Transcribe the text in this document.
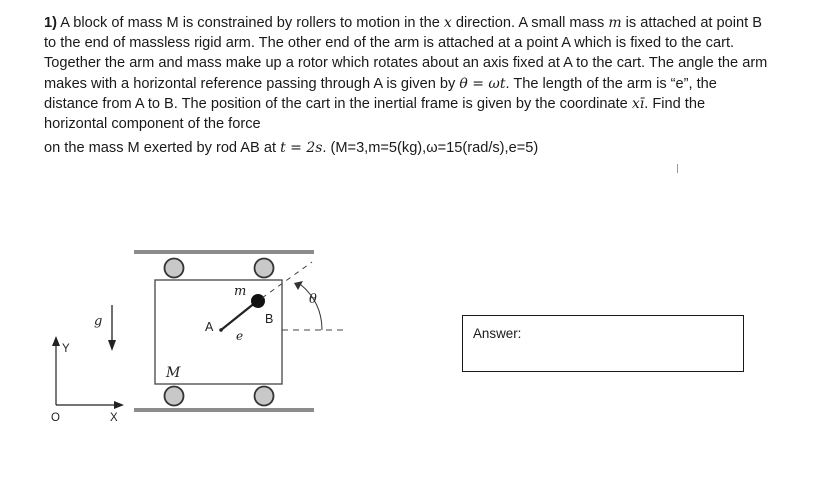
1) A block of mass M is constrained by rollers to motion in the x direction. A small mass m is attached at point B to the end of massless rigid arm. The other end of the arm is attached at a point A which is fixed to the cart. Together the arm and mass make up a rotor which rotates about an axis fixed at A to the cart. The angle the arm makes with a horizontal reference passing through A is given by θ = ωt. The length of the arm is “e”, the distance from A to B. The position of the cart in the inertial frame is given by the coordinate xī. Find the horizontal component of the force
on the mass M exerted by rod AB at t = 2s. (M=3,m=5(kg),ω=15(rad/s),e=5)

m
A
e
B
θ
M
g
Y
X
O
Answer:
